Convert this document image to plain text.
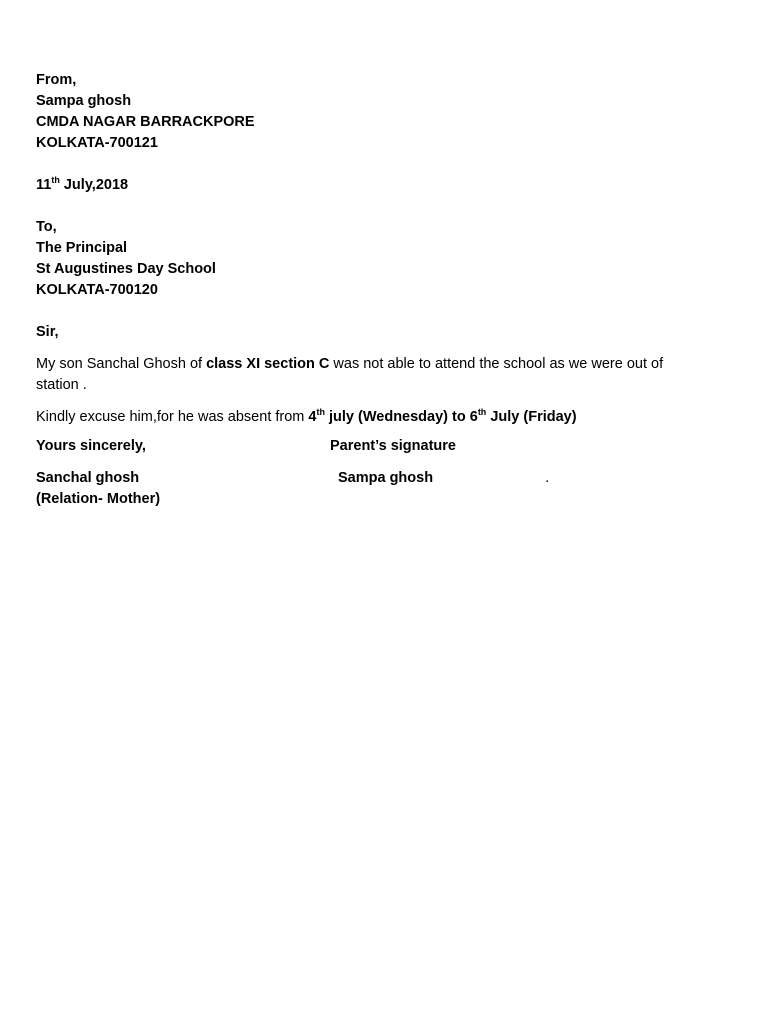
From,
Sampa ghosh
CMDA NAGAR BARRACKPORE
KOLKATA-700121
11th July,2018
To,
The Principal
St Augustines Day School
KOLKATA-700120
Sir,
My son Sanchal Ghosh of class XI section C was not able to attend the school as we were out of station .
Kindly excuse him,for he was absent from 4th july (Wednesday) to 6th July (Friday)
Yours sincerely,	Parent’s signature
Sanchal ghosh	Sampa ghosh	.
(Relation- Mother)
